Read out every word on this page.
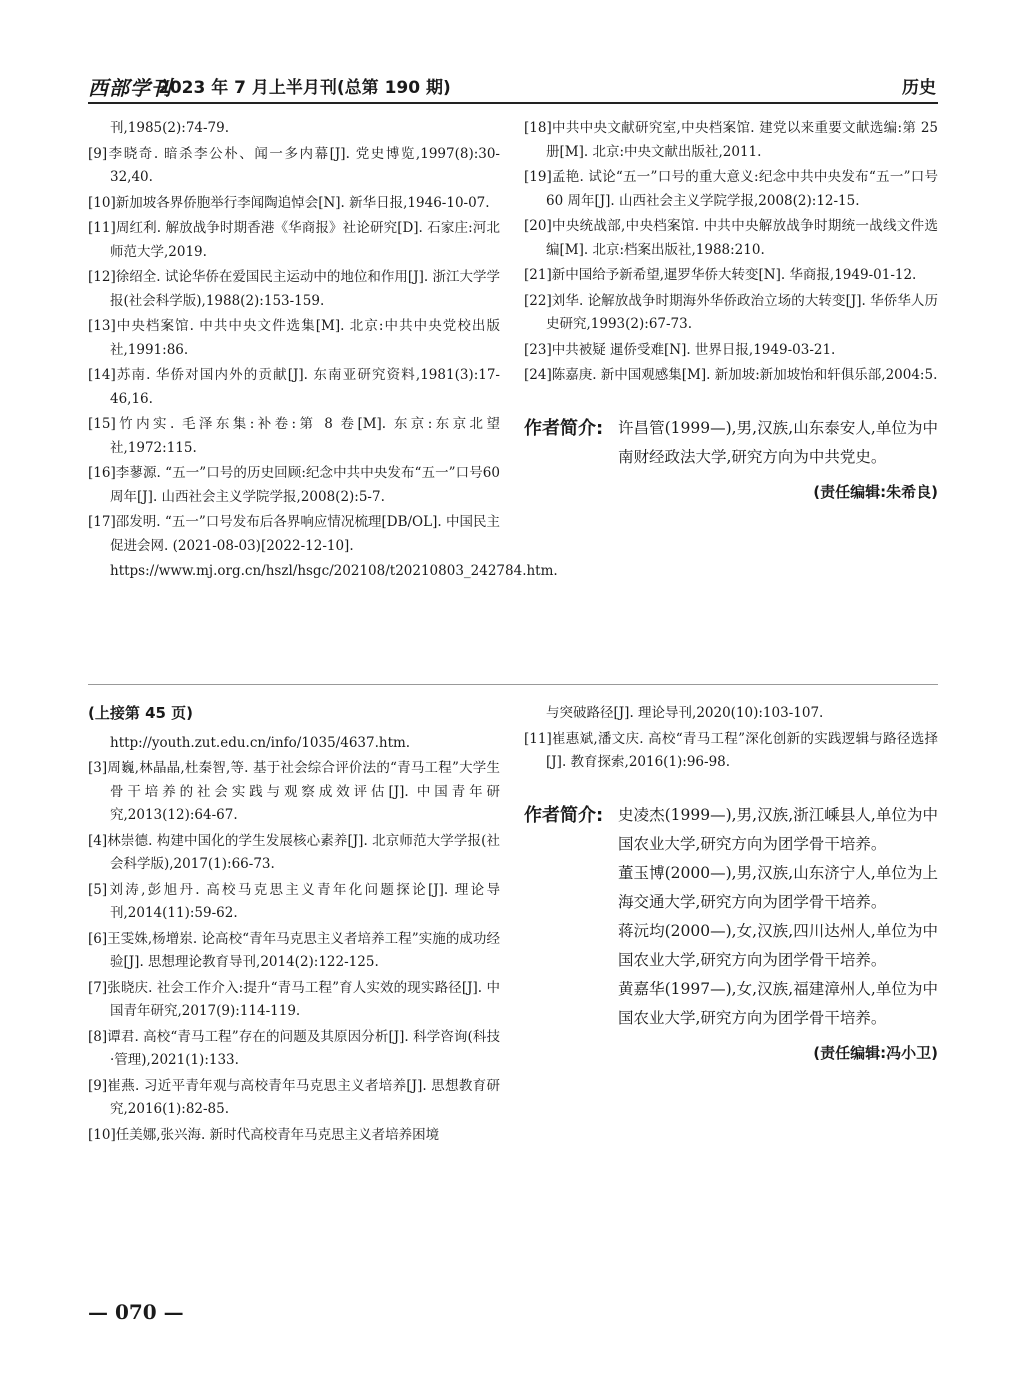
西部学刊
2023 年 7 月上半月刊(总第 190 期)	历史

刊,1985(2):74-79.

[9]李晓奇. 暗杀李公朴、闻一多内幕[J]. 党史博览,1997(8):30-32,40.

[10]新加坡各界侨胞举行李闻陶追悼会[N]. 新华日报,1946-10-07.

[11]周红利. 解放战争时期香港《华商报》社论研究[D]. 石家庄:河北师范大学,2019.

[12]徐绍全. 试论华侨在爱国民主运动中的地位和作用[J]. 浙江大学学报(社会科学版),1988(2):153-159.

[13]中央档案馆. 中共中央文件选集[M]. 北京:中共中央党校出版社,1991:86.

[14]苏南. 华侨对国内外的贡献[J]. 东南亚研究资料,1981(3):17-46,16.

[15]竹内实. 毛泽东集:补卷:第 8 卷[M]. 东京:东京北望社,1972:115.

[16]李蓼源. “五一”口号的历史回顾:纪念中共中央发布“五一”口号60 周年[J]. 山西社会主义学院学报,2008(2):5-7.

[17]邵发明. “五一”口号发布后各界响应情况梳理[DB/OL]. 中国民主促进会网. (2021-08-03)[2022-12-10].

https://www.mj.org.cn/hszl/hsgc/202108/t20210803_242784.htm.

[18]中共中央文献研究室,中央档案馆. 建党以来重要文献选编:第 25 册[M]. 北京:中央文献出版社,2011.

[19]孟艳. 试论“五一”口号的重大意义:纪念中共中央发布“五一”口号 60 周年[J]. 山西社会主义学院学报,2008(2):12-15.

[20]中央统战部,中央档案馆. 中共中央解放战争时期统一战线文件选编[M]. 北京:档案出版社,1988:210.

[21]新中国给予新希望,暹罗华侨大转变[N]. 华商报,1949-01-12.

[22]刘华. 论解放战争时期海外华侨政治立场的大转变[J]. 华侨华人历史研究,1993(2):67-73.

[23]中共被疑 暹侨受难[N]. 世界日报,1949-03-21.

[24]陈嘉庚. 新中国观感集[M]. 新加坡:新加坡怡和轩俱乐部,2004:5.

作者简介: 许昌管(1999—),男,汉族,山东泰安人,单位为中南财经政法大学,研究方向为中共党史。

(责任编辑:朱希良)
(上接第 45 页)

http://youth.zut.edu.cn/info/1035/4637.htm.

[3]周巍,林晶晶,杜秦智,等. 基于社会综合评价法的“青马工程”大学生骨干培养的社会实践与观察成效评估[J]. 中国青年研究,2013(12):64-67.

[4]林崇德. 构建中国化的学生发展核心素养[J]. 北京师范大学学报(社会科学版),2017(1):66-73.

[5]刘涛,彭旭丹. 高校马克思主义青年化问题探论[J]. 理论导刊,2014(11):59-62.

[6]王雯姝,杨增岽. 论高校“青年马克思主义者培养工程”实施的成功经验[J]. 思想理论教育导刊,2014(2):122-125.

[7]张晓庆. 社会工作介入:提升“青马工程”育人实效的现实路径[J]. 中国青年研究,2017(9):114-119.

[8]谭君. 高校“青马工程”存在的问题及其原因分析[J]. 科学咨询(科技·管理),2021(1):133.

[9]崔燕. 习近平青年观与高校青年马克思主义者培养[J]. 思想教育研究,2016(1):82-85.

[10]任美娜,张兴海. 新时代高校青年马克思主义者培养困境

与突破路径[J]. 理论导刊,2020(10):103-107.

[11]崔惠斌,潘文庆. 高校“青马工程”深化创新的实践逻辑与路径选择[J]. 教育探索,2016(1):96-98.

作者简介: 史凌杰(1999—),男,汉族,浙江嵊县人,单位为中国农业大学,研究方向为团学骨干培养。

董玉博(2000—),男,汉族,山东济宁人,单位为上海交通大学,研究方向为团学骨干培养。

蒋沅均(2000—),女,汉族,四川达州人,单位为中国农业大学,研究方向为团学骨干培养。

黄嘉华(1997—),女,汉族,福建漳州人,单位为中国农业大学,研究方向为团学骨干培养。

(责任编辑:冯小卫)
— 070 —
